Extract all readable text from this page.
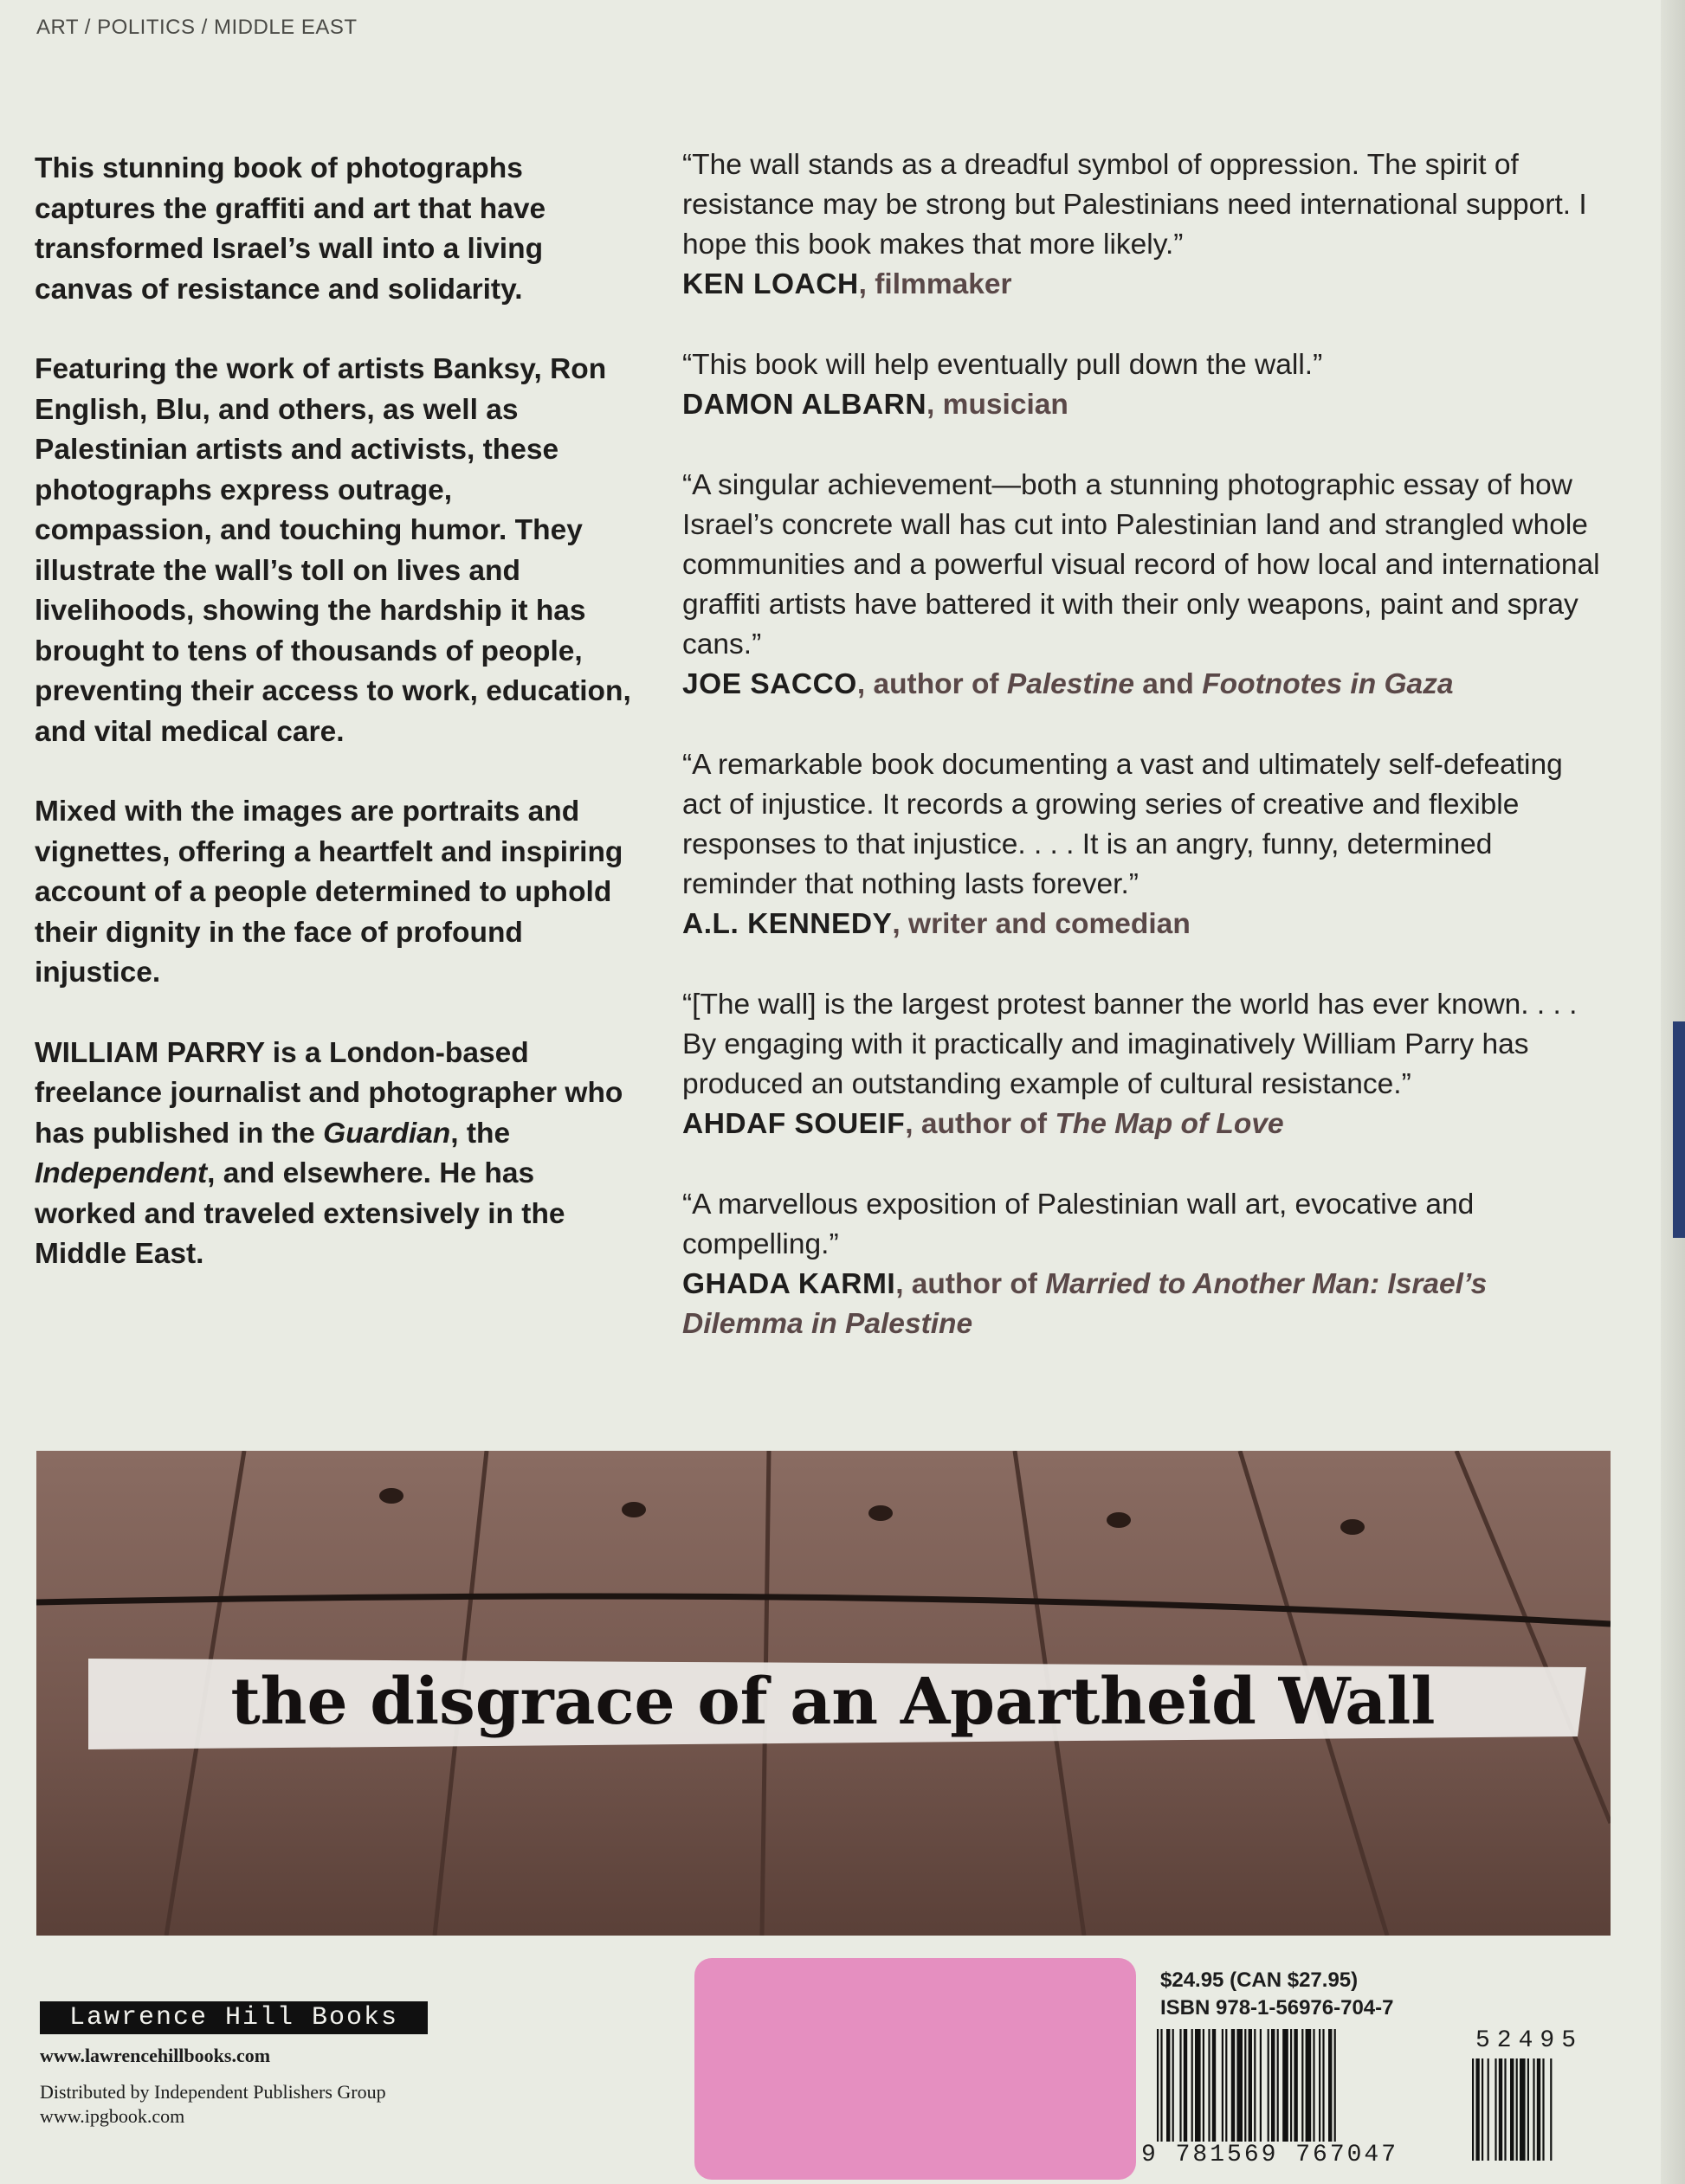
ART / POLITICS / MIDDLE EAST

This stunning book of photographs captures the graffiti and art that have transformed Israel’s wall into a living canvas of resistance and solidarity.

Featuring the work of artists Banksy, Ron English, Blu, and others, as well as Palestinian artists and activists, these photographs express outrage, compassion, and touching humor. They illustrate the wall’s toll on lives and livelihoods, showing the hardship it has brought to tens of thousands of people, preventing their access to work, education, and vital medical care.

Mixed with the images are portraits and vignettes, offering a heartfelt and inspiring account of a people determined to uphold their dignity in the face of profound injustice.

WILLIAM PARRY is a London-based freelance journalist and photographer who has published in the Guardian, the Independent, and elsewhere. He has worked and traveled extensively in the Middle East.

“The wall stands as a dreadful symbol of oppression. The spirit of resistance may be strong but Palestinians need international support. I hope this book makes that more likely.”
KEN LOACH, filmmaker
“This book will help eventually pull down the wall.”
DAMON ALBARN, musician
“A singular achievement—both a stunning photographic essay of how Israel’s concrete wall has cut into Palestinian land and strangled whole communities and a powerful visual record of how local and international graffiti artists have battered it with their only weapons, paint and spray cans.”
JOE SACCO, author of Palestine and Footnotes in Gaza
“A remarkable book documenting a vast and ultimately self-defeating act of injustice. It records a growing series of creative and flexible responses to that injustice. . . . It is an angry, funny, determined reminder that nothing lasts forever.”
A.L. KENNEDY, writer and comedian
“[The wall] is the largest protest banner the world has ever known. . . . By engaging with it practically and imaginatively William Parry has produced an outstanding example of cultural resistance.”
AHDAF SOUEIF, author of The Map of Love
“A marvellous exposition of Palestinian wall art, evocative and compelling.”
GHADA KARMI, author of Married to Another Man: Israel’s Dilemma in Palestine
the disgrace of an Apartheid Wall
Lawrence Hill Books
www.lawrencehillbooks.com
Distributed by Independent Publishers Group
www.ipgbook.com
$24.95 (CAN $27.95)
ISBN 978-1-56976-704-7
9 781569 767047
52495
